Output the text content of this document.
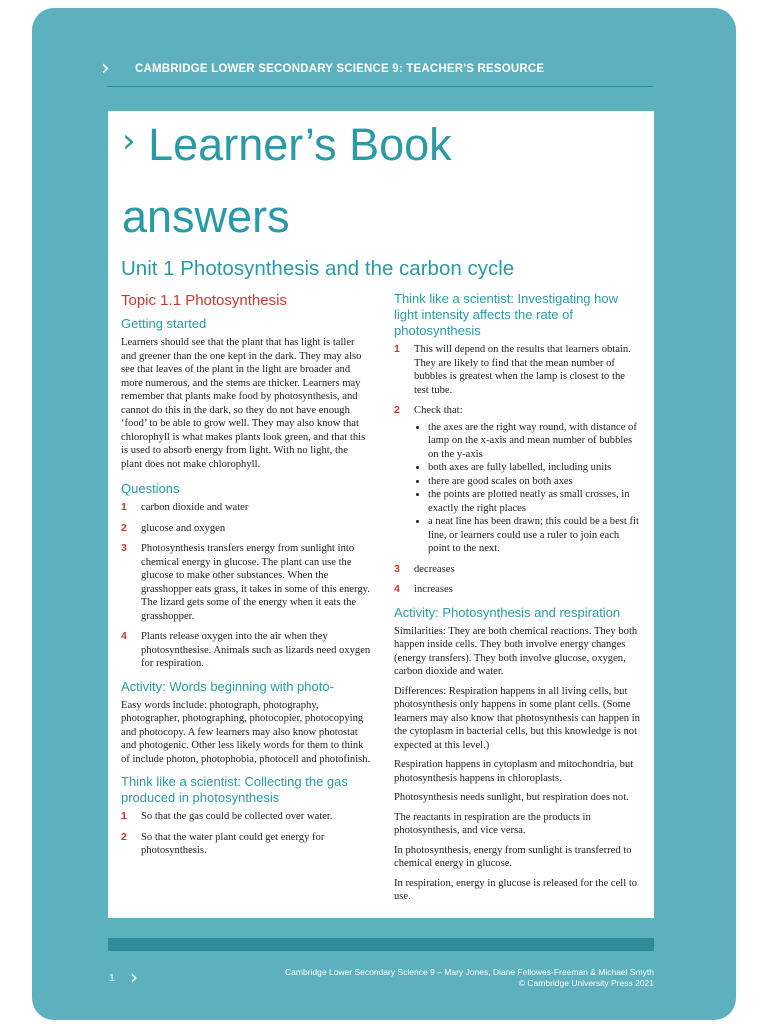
› CAMBRIDGE LOWER SECONDARY SCIENCE 9: TEACHER'S RESOURCE
› Learner’s Book
answers
Unit 1 Photosynthesis and the carbon cycle
Topic 1.1 Photosynthesis
Getting started
Learners should see that the plant that has light is taller and greener than the one kept in the dark. They may also see that leaves of the plant in the light are broader and more numerous, and the stems are thicker. Learners may remember that plants make food by photosynthesis, and cannot do this in the dark, so they do not have enough ‘food’ to be able to grow well. They may also know that chlorophyll is what makes plants look green, and that this is used to absorb energy from light. With no light, the plant does not make chlorophyll.
Questions
1	carbon dioxide and water
2	glucose and oxygen
3	Photosynthesis transfers energy from sunlight into chemical energy in glucose. The plant can use the glucose to make other substances. When the grasshopper eats grass, it takes in some of this energy. The lizard gets some of the energy when it eats the grasshopper.
4	Plants release oxygen into the air when they photosynthesise. Animals such as lizards need oxygen for respiration.
Activity: Words beginning with photo-
Easy words include: photograph, photography, photographer, photographing, photocopier, photocopying and photocopy. A few learners may also know photostat and photogenic. Other less likely words for them to think of include photon, photophobia, photocell and photofinish.
Think like a scientist: Collecting the gas produced in photosynthesis
1	So that the gas could be collected over water.
2	So that the water plant could get energy for photosynthesis.
Think like a scientist: Investigating how light intensity affects the rate of photosynthesis
1	This will depend on the results that learners obtain. They are likely to find that the mean number of bubbles is greatest when the lamp is closest to the test tube.
2	Check that:
• the axes are the right way round, with distance of lamp on the x-axis and mean number of bubbles on the y-axis
• both axes are fully labelled, including units
• there are good scales on both axes
• the points are plotted neatly as small crosses, in exactly the right places
• a neat line has been drawn; this could be a best fit line, or learners could use a ruler to join each point to the next.
3	decreases
4	increases
Activity: Photosynthesis and respiration
Similarities: They are both chemical reactions. They both happen inside cells. They both involve energy changes (energy transfers). They both involve glucose, oxygen, carbon dioxide and water.
Differences: Respiration happens in all living cells, but photosynthesis only happens in some plant cells. (Some learners may also know that photosynthesis can happen in the cytoplasm in bacterial cells, but this knowledge is not expected at this level.)
Respiration happens in cytoplasm and mitochondria, but photosynthesis happens in chloroplasts.
Photosynthesis needs sunlight, but respiration does not.
The reactants in respiration are the products in photosynthesis, and vice versa.
In photosynthesis, energy from sunlight is transferred to chemical energy in glucose.
In respiration, energy in glucose is released for the cell to use.
1 ›	Cambridge Lower Secondary Science 9 – Mary Jones, Diane Fellowes-Freeman & Michael Smyth
© Cambridge University Press 2021
